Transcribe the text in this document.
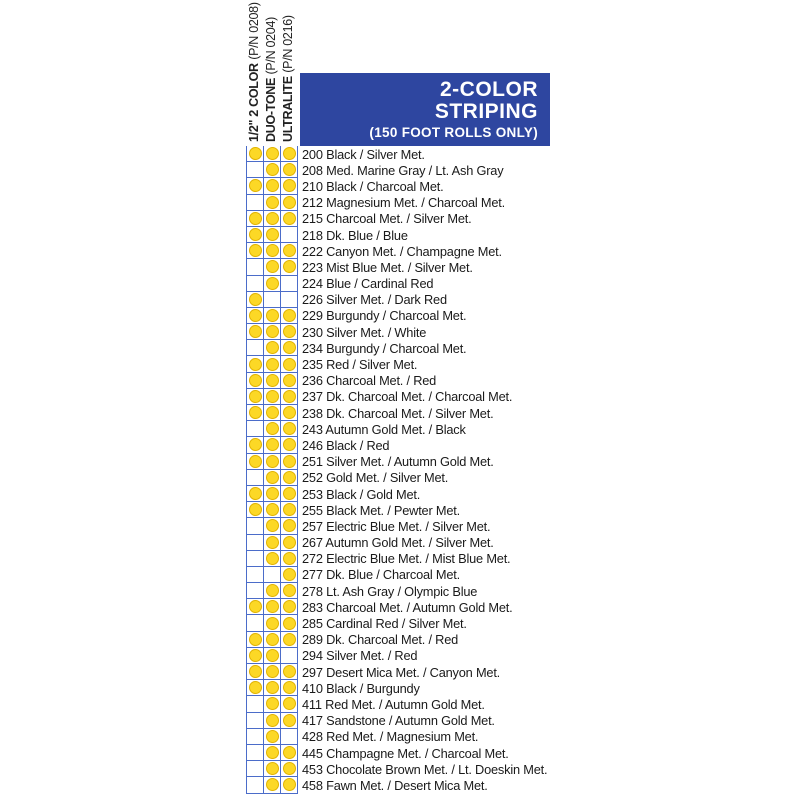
1/2" 2 COLOR (P/N 0208)
DUO-TONE (P/N 0204)
ULTRALITE (P/N 0216)
2-COLOR
STRIPING
(150 FOOT ROLLS ONLY)
200 Black / Silver Met.
208 Med. Marine Gray / Lt. Ash Gray
210 Black / Charcoal Met.
212 Magnesium Met. / Charcoal Met.
215 Charcoal Met. / Silver Met.
218 Dk. Blue / Blue
222 Canyon Met. / Champagne Met.
223 Mist Blue Met. / Silver Met.
224 Blue / Cardinal Red
226 Silver Met. / Dark Red
229 Burgundy / Charcoal Met.
230 Silver Met. / White
234 Burgundy / Charcoal Met.
235 Red / Silver Met.
236 Charcoal Met. / Red
237 Dk. Charcoal Met. / Charcoal Met.
238 Dk. Charcoal Met. / Silver Met.
243 Autumn Gold Met. / Black
246 Black / Red
251 Silver Met. / Autumn Gold Met.
252 Gold Met. / Silver Met.
253 Black / Gold Met.
255 Black Met. / Pewter Met.
257 Electric Blue Met. / Silver Met.
267 Autumn Gold Met. / Silver Met.
272 Electric Blue Met. / Mist Blue Met.
277 Dk. Blue / Charcoal Met.
278 Lt. Ash Gray / Olympic Blue
283 Charcoal Met. / Autumn Gold Met.
285 Cardinal Red / Silver Met.
289 Dk. Charcoal Met. / Red
294 Silver Met. / Red
297 Desert Mica Met. / Canyon Met.
410 Black / Burgundy
411 Red Met. / Autumn Gold Met.
417 Sandstone / Autumn Gold Met.
428 Red Met. / Magnesium Met.
445 Champagne Met. / Charcoal Met.
453 Chocolate Brown Met. / Lt. Doeskin Met.
458 Fawn Met. / Desert Mica Met.
